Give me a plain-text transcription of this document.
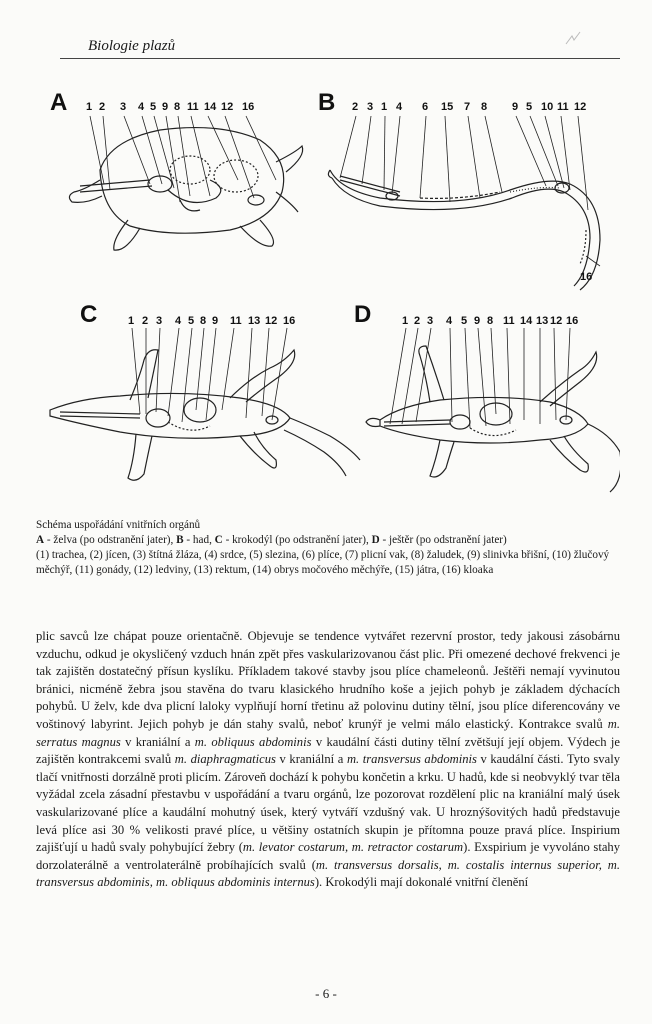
Biologie plazů
A	B
C	D
1 2 3 4 5 9 8 11 14 12 16	2 3 1 4 6 15 7 8 9 5 10 11 12
1 2 3 4 5 8 9 11 13 12 16	1 2 3 4 5 9 8 11 14 13 12 16
16

Schéma uspořádání vnitřních orgánů

A - želva (po odstranění jater), B - had, C - krokodýl (po odstranění jater), D - ještěr (po odstranění jater)

(1) trachea, (2) jícen, (3) štítná žláza, (4) srdce, (5) slezina, (6) plíce, (7) plicní vak, (8) žaludek, (9) slinivka břišní, (10) žlučový měchýř, (11) gonády, (12) ledviny, (13) rektum, (14) obrys močového měchýře, (15) játra, (16) kloaka

plic savců lze chápat pouze orientačně. Objevuje se tendence vytvářet rezervní prostor, tedy jakousi zásobárnu vzduchu, odkud je okysličený vzduch hnán zpět přes vaskularizovanou část plic. Při omezené dechové frekvenci je tak zajištěn dostatečný přísun kyslíku. Příkladem takové stavby jsou plíce chameleonů. Ještěři nemají vyvinutou bránici, nicméně žebra jsou stavěna do tvaru klasického hrudního koše a jejich pohyb je základem dýchacích pohybů. U želv, kde dva plicní laloky vyplňují horní třetinu až polovinu dutiny tělní, jsou plíce diferencovány ve voštinový labyrint. Jejich pohyb je dán stahy svalů, neboť krunýř je velmi málo elastický. Kontrakce svalů m. serratus magnus v kraniální a m. obliquus abdominis v kaudální části dutiny tělní zvětšují její objem. Výdech je zajištěn kontrakcemi svalů m. diaphragmaticus v kraniální a m. transversus abdominis v kaudální části. Tyto svaly tlačí vnitřnosti dorzálně proti plicím. Zároveň dochází k pohybu končetin a krku. U hadů, kde si neobvyklý tvar těla vyžádal zcela zásadní přestavbu v uspořádání a tvaru orgánů, lze pozorovat rozdělení plic na kraniální malý úsek vaskularizované plíce a kaudální mohutný úsek, který vytváří vzdušný vak. U hroznýšovitých hadů představuje levá plíce asi 30 % velikosti pravé plíce, u většiny ostatních skupin je přítomna pouze pravá plíce. Inspirium zajišťují u hadů svaly pohybující žebry (m. levator costarum, m. retractor costarum). Exspirium je vyvoláno stahy dorzolaterálně a ventrolaterálně probíhajících svalů (m. transversus dorsalis, m. costalis internus superior, m. transversus abdominis, m. obliquus abdominis internus). Krokodýli mají dokonalé vnitřní členění

- 6 -
